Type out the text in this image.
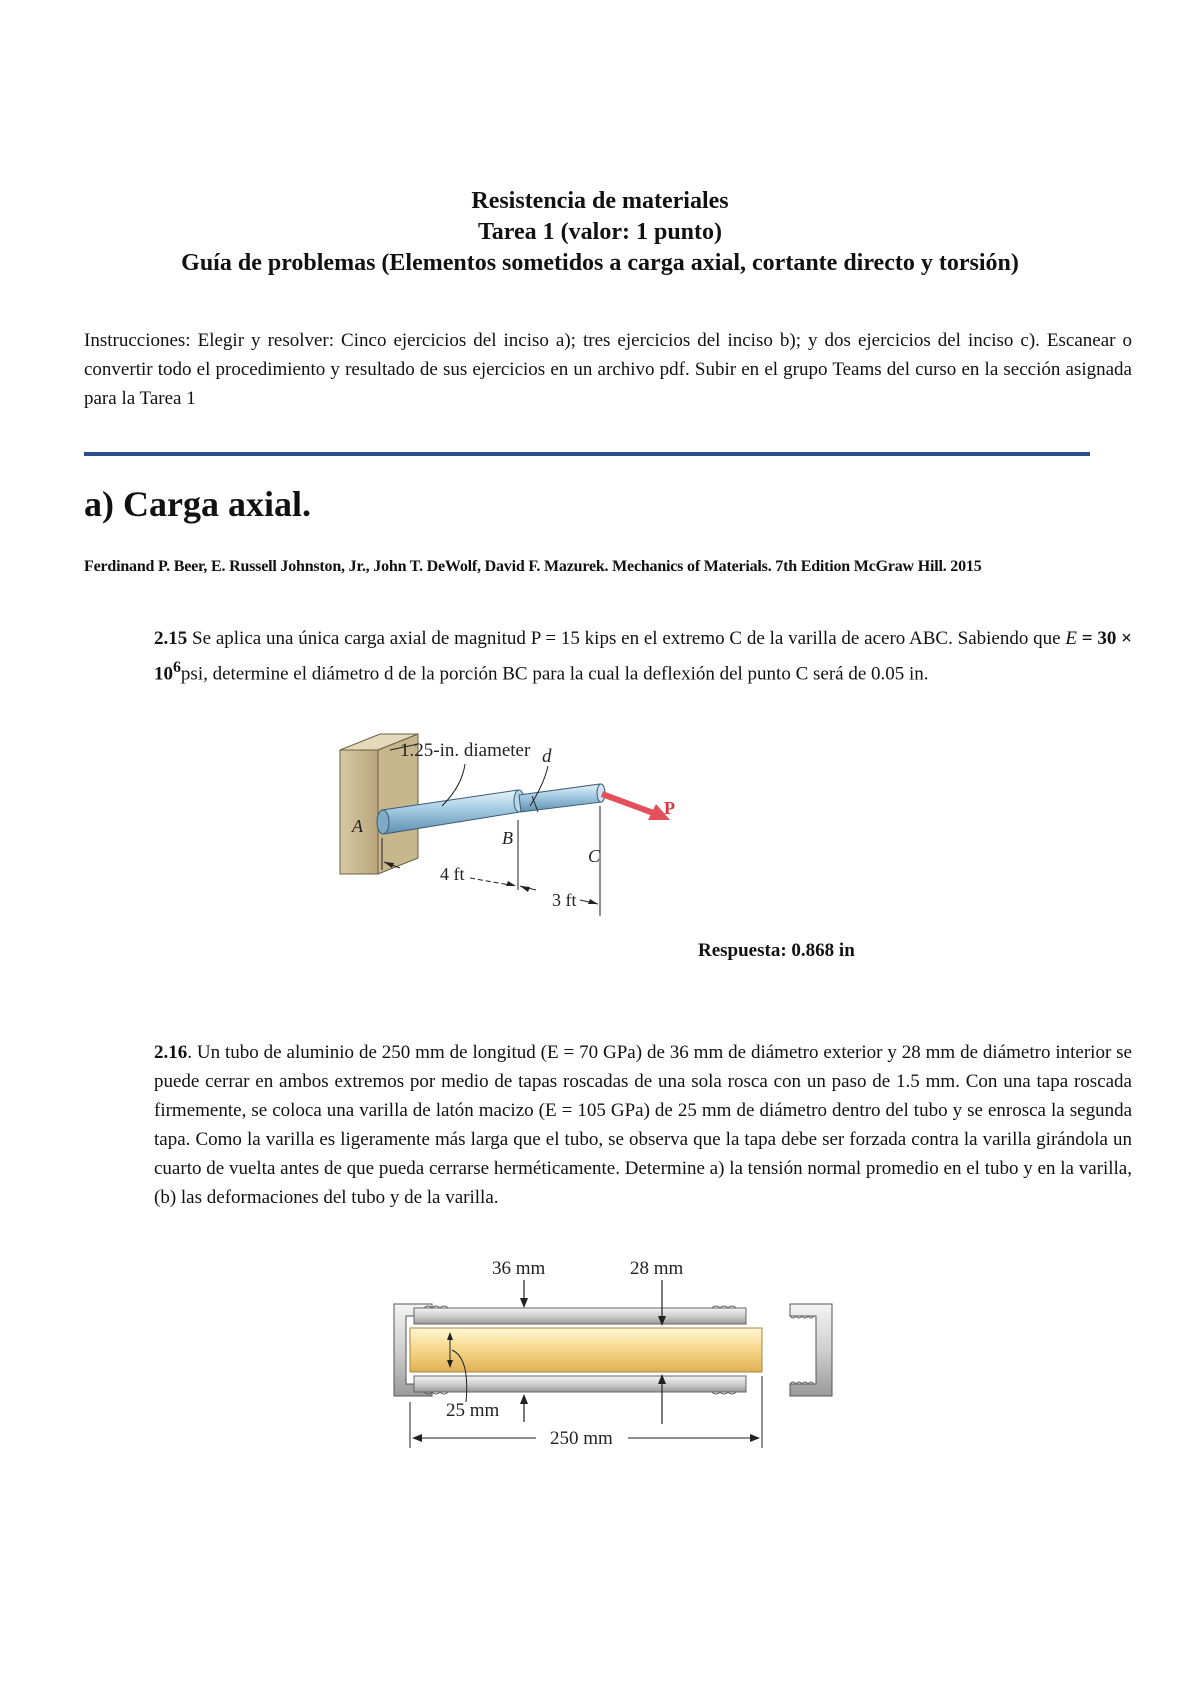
Resistencia de materiales
Tarea 1 (valor: 1 punto)
Guía de problemas (Elementos sometidos a carga axial, cortante directo y torsión)
Instrucciones: Elegir y resolver: Cinco ejercicios del inciso a); tres ejercicios del inciso b); y dos ejercicios del inciso c). Escanear o convertir todo el procedimiento y resultado de sus ejercicios en un archivo pdf. Subir en el grupo Teams del curso en la sección asignada para la Tarea 1
a) Carga axial.
Ferdinand P. Beer, E. Russell Johnston, Jr., John T. DeWolf, David F. Mazurek. Mechanics of Materials. 7th Edition McGraw Hill. 2015
2.15 Se aplica una única carga axial de magnitud P = 15 kips en el extremo C de la varilla de acero ABC. Sabiendo que $E = 30 \times 10^6psi$, determine el diámetro d de la porción BC para la cual la deflexión del punto C será de 0.05 in.
1.25-in. diameter d
A
B
C
P
4 ft
3 ft
Respuesta: 0.868 in
2.16. Un tubo de aluminio de 250 mm de longitud (E = 70 GPa) de 36 mm de diámetro exterior y 28 mm de diámetro interior se puede cerrar en ambos extremos por medio de tapas roscadas de una sola rosca con un paso de 1.5 mm. Con una tapa roscada firmemente, se coloca una varilla de latón macizo (E = 105 GPa) de 25 mm de diámetro dentro del tubo y se enrosca la segunda tapa. Como la varilla es ligeramente más larga que el tubo, se observa que la tapa debe ser forzada contra la varilla girándola un cuarto de vuelta antes de que pueda cerrarse herméticamente. Determine a) la tensión normal promedio en el tubo y en la varilla, (b) las deformaciones del tubo y de la varilla.
36 mm	28 mm
25 mm
250 mm
